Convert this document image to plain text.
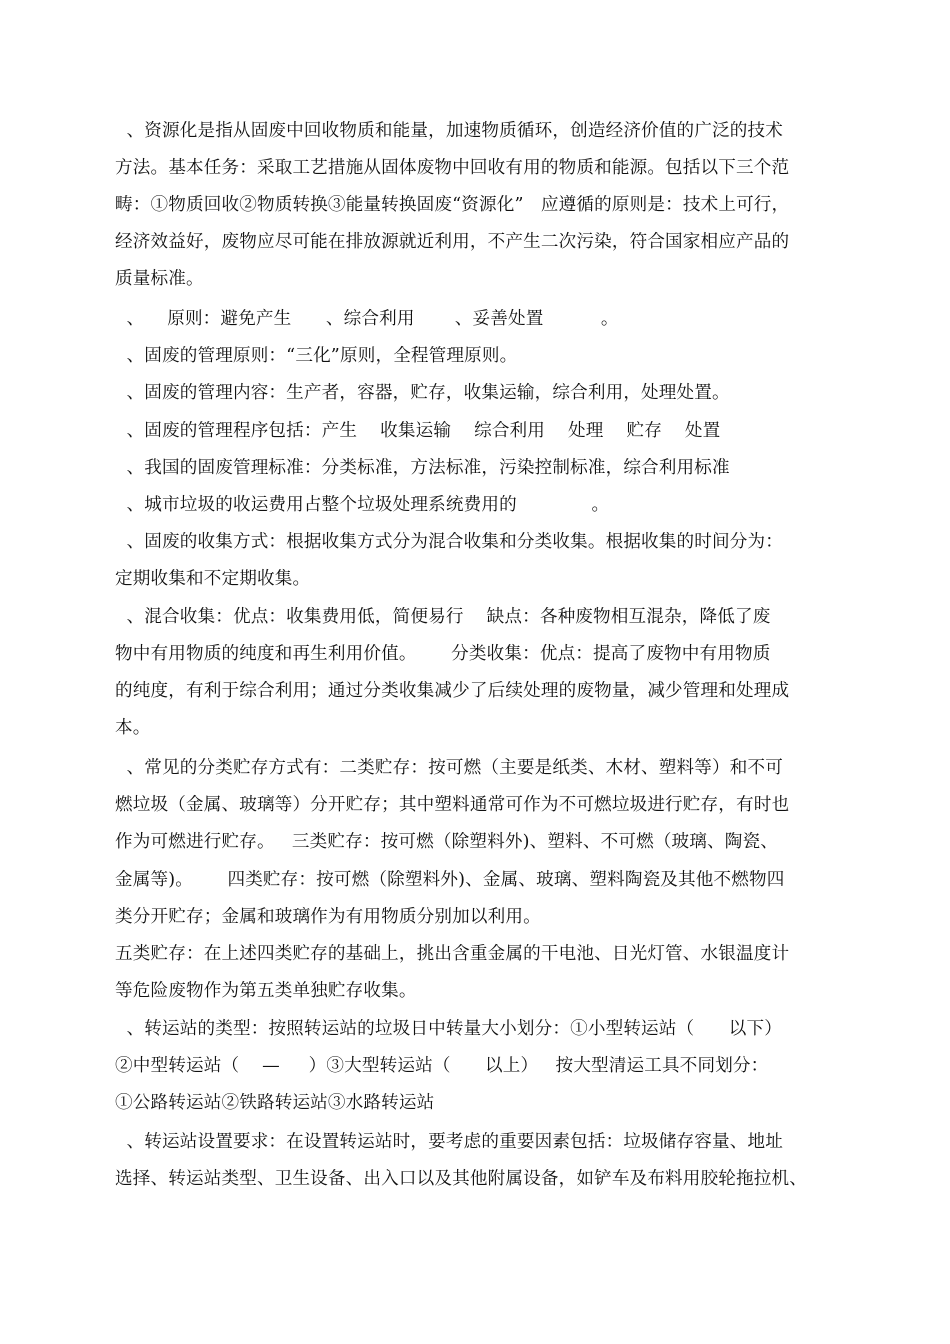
、资源化是指从固废中回收物质和能量，加速物质循环，创造经济价值的广泛的技术
方法。基本任务：采取工艺措施从固体废物中回收有用的物质和能源。包括以下三个范
畴：①物质回收②物质转换③能量转换固废“资源化”   应遵循的原则是：技术上可行，
经济效益好，废物应尽可能在排放源就近利用，不产生二次污染，符合国家相应产品的
质量标准。
、    原则：避免产生      、综合利用       、妥善处置          。
、固废的管理原则：“三化”原则，全程管理原则。
、固废的管理内容：生产者，容器，贮存，收集运输，综合利用，处理处置。
、固废的管理程序包括：产生    收集运输    综合利用    处理    贮存    处置
、我国的固废管理标准：分类标准，方法标准，污染控制标准，综合利用标准
、城市垃圾的收运费用占整个垃圾处理系统费用的             。
、固废的收集方式：根据收集方式分为混合收集和分类收集。根据收集的时间分为：
定期收集和不定期收集。
、混合收集：优点：收集费用低，简便易行    缺点：各种废物相互混杂，降低了废
物中有用物质的纯度和再生利用价值。      分类收集：优点：提高了废物中有用物质
的纯度，有利于综合利用；通过分类收集减少了后续处理的废物量，减少管理和处理成
本。
、常见的分类贮存方式有：二类贮存：按可燃（主要是纸类、木材、塑料等）和不可
燃垃圾（金属、玻璃等）分开贮存；其中塑料通常可作为不可燃垃圾进行贮存，有时也
作为可燃进行贮存。   三类贮存：按可燃（除塑料外)、塑料、不可燃（玻璃、陶瓷、
金属等)。      四类贮存：按可燃（除塑料外)、金属、玻璃、塑料陶瓷及其他不燃物四
类分开贮存；金属和玻璃作为有用物质分别加以利用。
五类贮存：在上述四类贮存的基础上，挑出含重金属的干电池、日光灯管、水银温度计
等危险废物作为第五类单独贮存收集。
、转运站的类型：按照转运站的垃圾日中转量大小划分：①小型转运站（      以下）
②中型转运站（    —     ）③大型转运站（      以上）   按大型清运工具不同划分：
①公路转运站②铁路转运站③水路转运站
、转运站设置要求：在设置转运站时，要考虑的重要因素包括：垃圾储存容量、地址
选择、转运站类型、卫生设备、出入口以及其他附属设备，如铲车及布料用胶轮拖拉机、
